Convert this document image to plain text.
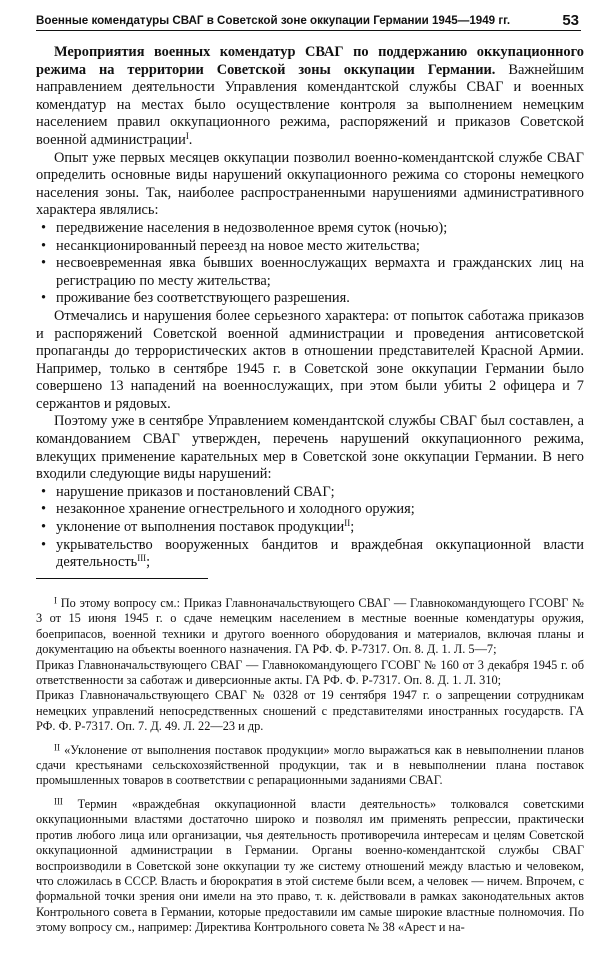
Военные комендатуры СВАГ в Советской зоне оккупации Германии 1945—1949 гг.	53

Мероприятия военных комендатур СВАГ по поддержанию оккупационного режима на территории Советской зоны оккупации Германии. Важнейшим направлением деятельности Управления комендантской службы СВАГ и военных комендатур на местах было осуществление контроля за выполнением немецким населением правил оккупационного режима, распоряжений и приказов Советской военной администрации$^I$.

Опыт уже первых месяцев оккупации позволил военно-комендантской службе СВАГ определить основные виды нарушений оккупационного режима со стороны немецкого населения зоны. Так, наиболее распространенными нарушениями административного характера являлись:

• передвижение населения в недозволенное время суток (ночью);
• несанкционированный переезд на новое место жительства;
• несвоевременная явка бывших военнослужащих вермахта и гражданских лиц на регистрацию по месту жительства;
• проживание без соответствующего разрешения.

Отмечались и нарушения более серьезного характера: от попыток саботажа приказов и распоряжений Советской военной администрации и проведения антисоветской пропаганды до террористических актов в отношении представителей Красной Армии. Например, только в сентябре 1945 г. в Советской зоне оккупации Германии было совершено 13 нападений на военнослужащих, при этом были убиты 2 офицера и 7 сержантов и рядовых.

Поэтому уже в сентябре Управлением комендантской службы СВАГ был составлен, а командованием СВАГ утвержден, перечень нарушений оккупационного режима, влекущих применение карательных мер в Советской зоне оккупации Германии. В него входили следующие виды нарушений:

• нарушение приказов и постановлений СВАГ;
• незаконное хранение огнестрельного и холодного оружия;
• уклонение от выполнения поставок продукции$^{II}$;
• укрывательство вооруженных бандитов и враждебная оккупационной власти деятельность$^{III}$;

$^I$ По этому вопросу см.: Приказ Главноначальствующего СВАГ — Главнокомандующего ГСОВГ № 3 от 15 июня 1945 г. о сдаче немецким населением в местные военные комендатуры оружия, боеприпасов, военной техники и другого военного оборудования и материалов, включая планы и документацию на объекты военного назначения. ГА РФ. Ф. Р-7317. Оп. 8. Д. 1. Л. 5—7;

Приказ Главноначальствующего СВАГ — Главнокомандующего ГСОВГ № 160 от 3 декабря 1945 г. об ответственности за саботаж и диверсионные акты. ГА РФ. Ф. Р-7317. Оп. 8. Д. 1. Л. 310;

Приказ Главноначальствующего СВАГ № 0328 от 19 сентября 1947 г. о запрещении сотрудникам немецких управлений непосредственных сношений с представителями иностранных государств. ГА РФ. Ф. Р-7317. Оп. 7. Д. 49. Л. 22—23 и др.

$^{II}$ «Уклонение от выполнения поставок продукции» могло выражаться как в невыполнении планов сдачи крестьянами сельскохозяйственной продукции, так и в невыполнении плана поставок промышленных товаров в соответствии с репарационными заданиями СВАГ.

$^{III}$ Термин «враждебная оккупационной власти деятельность» толковался советскими оккупационными властями достаточно широко и позволял им применять репрессии, практически против любого лица или организации, чья деятельность противоречила интересам и целям Советской оккупационной администрации в Германии. Органы военно-комендантской службы СВАГ воспроизводили в Советской зоне оккупации ту же систему отношений между властью и человеком, что сложилась в СССР. Власть и бюрократия в этой системе были всем, а человек — ничем. Впрочем, с формальной точки зрения они имели на это право, т. к. действовали в рамках законодательных актов Контрольного совета в Германии, которые предоставили им самые широкие властные полномочия. По этому вопросу см., например: Директива Контрольного совета № 38 «Арест и на-
